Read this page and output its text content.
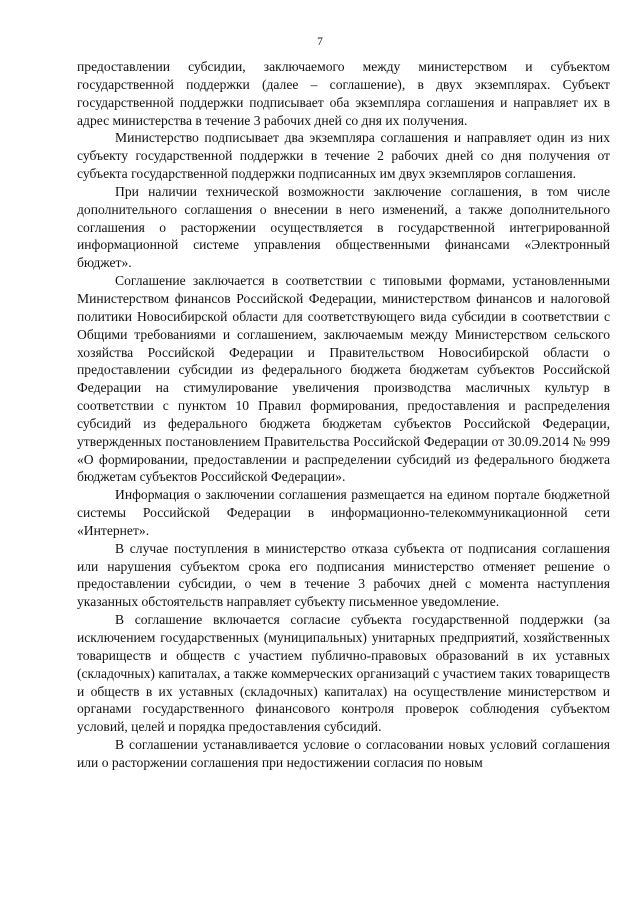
7

предоставлении субсидии, заключаемого между министерством и субъектом государственной поддержки (далее – соглашение), в двух экземплярах. Субъект государственной поддержки подписывает оба экземпляра соглашения и направляет их в адрес министерства в течение 3 рабочих дней со дня их получения.

Министерство подписывает два экземпляра соглашения и направляет один из них субъекту государственной поддержки в течение 2 рабочих дней со дня получения от субъекта государственной поддержки подписанных им двух экземпляров соглашения.

При наличии технической возможности заключение соглашения, в том числе дополнительного соглашения о внесении в него изменений, а также дополнительного соглашения о расторжении осуществляется в государственной интегрированной информационной системе управления общественными финансами «Электронный бюджет».

Соглашение заключается в соответствии с типовыми формами, установленными Министерством финансов Российской Федерации, министерством финансов и налоговой политики Новосибирской области для соответствующего вида субсидии в соответствии с Общими требованиями и соглашением, заключаемым между Министерством сельского хозяйства Российской Федерации и Правительством Новосибирской области о предоставлении субсидии из федерального бюджета бюджетам субъектов Российской Федерации на стимулирование увеличения производства масличных культур в соответствии с пунктом 10 Правил формирования, предоставления и распределения субсидий из федерального бюджета бюджетам субъектов Российской Федерации, утвержденных постановлением Правительства Российской Федерации от 30.09.2014 № 999 «О формировании, предоставлении и распределении субсидий из федерального бюджета бюджетам субъектов Российской Федерации».

Информация о заключении соглашения размещается на едином портале бюджетной системы Российской Федерации в информационно-телекоммуникационной сети «Интернет».

В случае поступления в министерство отказа субъекта от подписания соглашения или нарушения субъектом срока его подписания министерство отменяет решение о предоставлении субсидии, о чем в течение 3 рабочих дней с момента наступления указанных обстоятельств направляет субъекту письменное уведомление.

В соглашение включается согласие субъекта государственной поддержки (за исключением государственных (муниципальных) унитарных предприятий, хозяйственных товариществ и обществ с участием публично-правовых образований в их уставных (складочных) капиталах, а также коммерческих организаций с участием таких товариществ и обществ в их уставных (складочных) капиталах) на осуществление министерством и органами государственного финансового контроля проверок соблюдения субъектом условий, целей и порядка предоставления субсидий.

В соглашении устанавливается условие о согласовании новых условий соглашения или о расторжении соглашения при недостижении согласия по новым
